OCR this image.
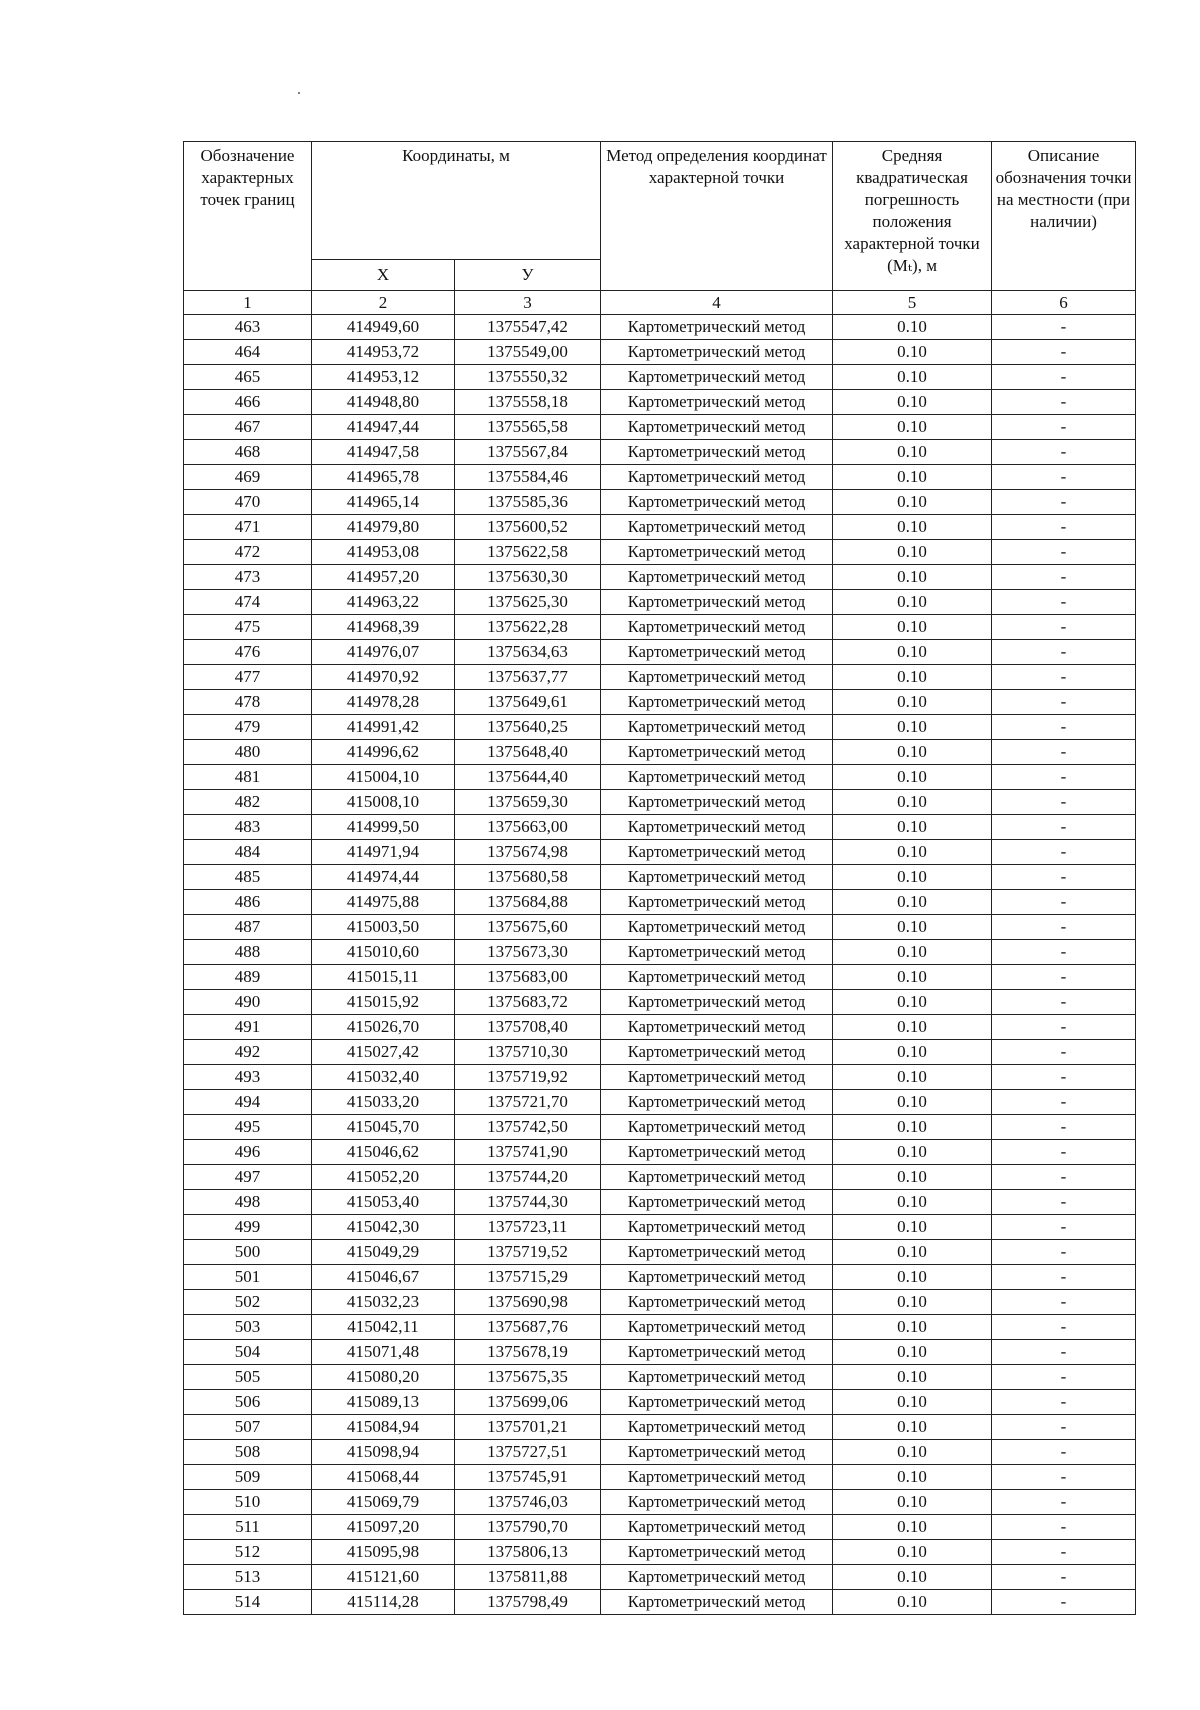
Обозначение характерных точек границ	Координаты, м		Метод определения координат характерной точки	Средняя квадратическая погрешность положения характерной точки (Mₜ), м	Описание обозначения точки на местности (при наличии)
	Х	У			
1	2	3	4	5	6
463	414949,60	1375547,42	Картометрический метод	0.10	-
464	414953,72	1375549,00	Картометрический метод	0.10	-
465	414953,12	1375550,32	Картометрический метод	0.10	-
466	414948,80	1375558,18	Картометрический метод	0.10	-
467	414947,44	1375565,58	Картометрический метод	0.10	-
468	414947,58	1375567,84	Картометрический метод	0.10	-
469	414965,78	1375584,46	Картометрический метод	0.10	-
470	414965,14	1375585,36	Картометрический метод	0.10	-
471	414979,80	1375600,52	Картометрический метод	0.10	-
472	414953,08	1375622,58	Картометрический метод	0.10	-
473	414957,20	1375630,30	Картометрический метод	0.10	-
474	414963,22	1375625,30	Картометрический метод	0.10	-
475	414968,39	1375622,28	Картометрический метод	0.10	-
476	414976,07	1375634,63	Картометрический метод	0.10	-
477	414970,92	1375637,77	Картометрический метод	0.10	-
478	414978,28	1375649,61	Картометрический метод	0.10	-
479	414991,42	1375640,25	Картометрический метод	0.10	-
480	414996,62	1375648,40	Картометрический метод	0.10	-
481	415004,10	1375644,40	Картометрический метод	0.10	-
482	415008,10	1375659,30	Картометрический метод	0.10	-
483	414999,50	1375663,00	Картометрический метод	0.10	-
484	414971,94	1375674,98	Картометрический метод	0.10	-
485	414974,44	1375680,58	Картометрический метод	0.10	-
486	414975,88	1375684,88	Картометрический метод	0.10	-
487	415003,50	1375675,60	Картометрический метод	0.10	-
488	415010,60	1375673,30	Картометрический метод	0.10	-
489	415015,11	1375683,00	Картометрический метод	0.10	-
490	415015,92	1375683,72	Картометрический метод	0.10	-
491	415026,70	1375708,40	Картометрический метод	0.10	-
492	415027,42	1375710,30	Картометрический метод	0.10	-
493	415032,40	1375719,92	Картометрический метод	0.10	-
494	415033,20	1375721,70	Картометрический метод	0.10	-
495	415045,70	1375742,50	Картометрический метод	0.10	-
496	415046,62	1375741,90	Картометрический метод	0.10	-
497	415052,20	1375744,20	Картометрический метод	0.10	-
498	415053,40	1375744,30	Картометрический метод	0.10	-
499	415042,30	1375723,11	Картометрический метод	0.10	-
500	415049,29	1375719,52	Картометрический метод	0.10	-
501	415046,67	1375715,29	Картометрический метод	0.10	-
502	415032,23	1375690,98	Картометрический метод	0.10	-
503	415042,11	1375687,76	Картометрический метод	0.10	-
504	415071,48	1375678,19	Картометрический метод	0.10	-
505	415080,20	1375675,35	Картометрический метод	0.10	-
506	415089,13	1375699,06	Картометрический метод	0.10	-
507	415084,94	1375701,21	Картометрический метод	0.10	-
508	415098,94	1375727,51	Картометрический метод	0.10	-
509	415068,44	1375745,91	Картометрический метод	0.10	-
510	415069,79	1375746,03	Картометрический метод	0.10	-
511	415097,20	1375790,70	Картометрический метод	0.10	-
512	415095,98	1375806,13	Картометрический метод	0.10	-
513	415121,60	1375811,88	Картометрический метод	0.10	-
514	415114,28	1375798,49	Картометрический метод	0.10	-
